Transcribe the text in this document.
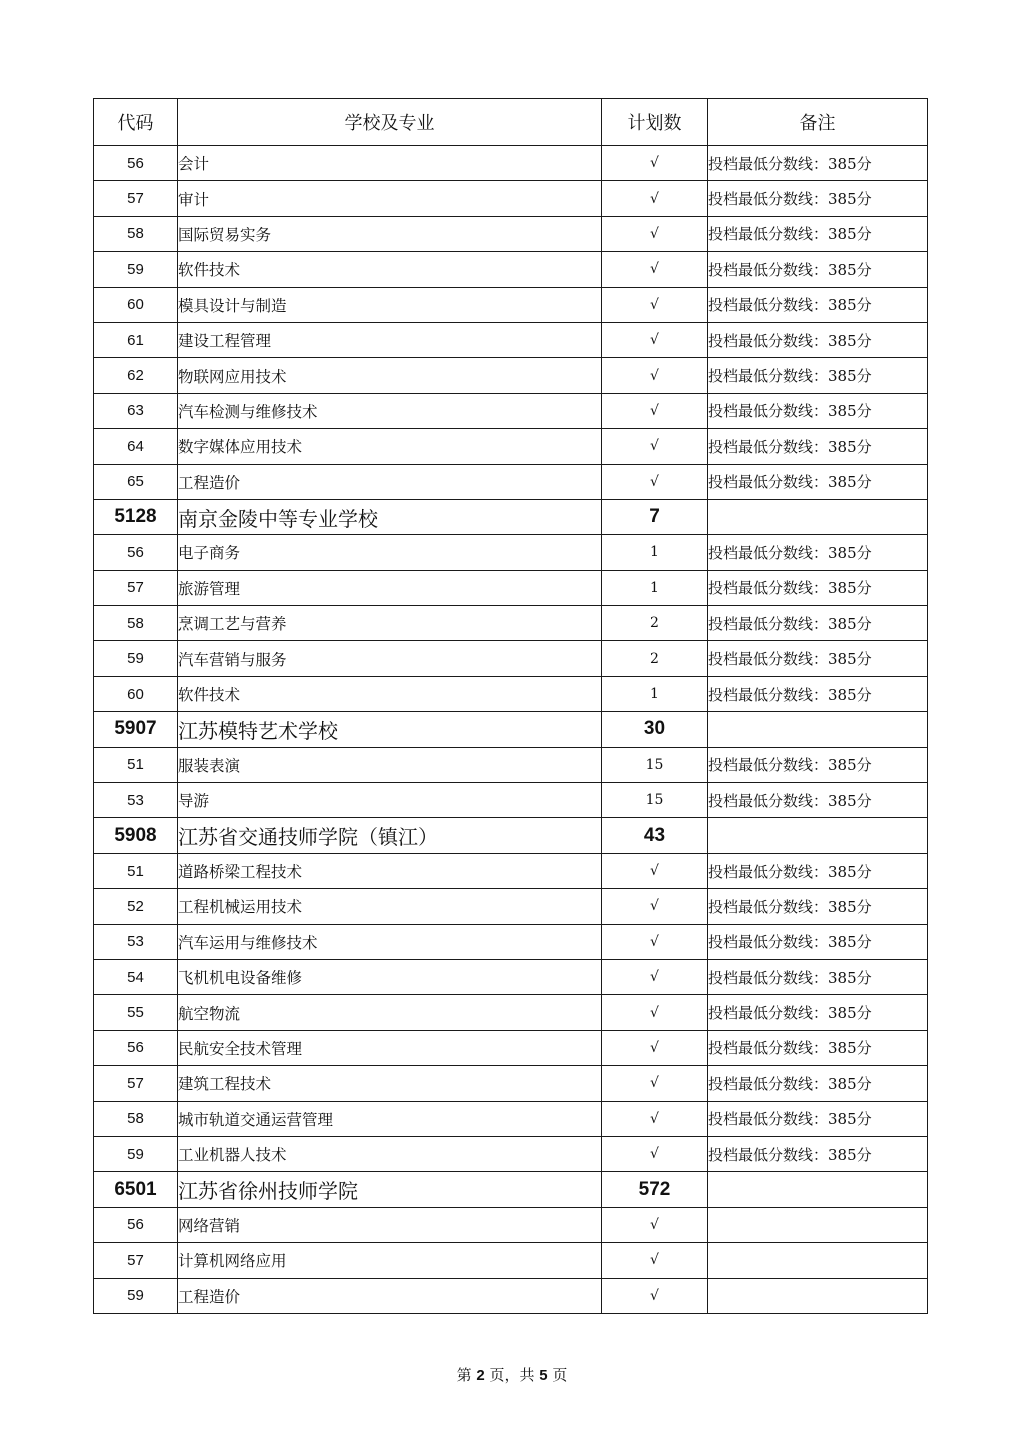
代码	学校及专业	计划数	备注
56	会计	√	投档最低分数线：385分
57	审计	√	投档最低分数线：385分
58	国际贸易实务	√	投档最低分数线：385分
59	软件技术	√	投档最低分数线：385分
60	模具设计与制造	√	投档最低分数线：385分
61	建设工程管理	√	投档最低分数线：385分
62	物联网应用技术	√	投档最低分数线：385分
63	汽车检测与维修技术	√	投档最低分数线：385分
64	数字媒体应用技术	√	投档最低分数线：385分
65	工程造价	√	投档最低分数线：385分
5128	南京金陵中等专业学校	7	
56	电子商务	1	投档最低分数线：385分
57	旅游管理	1	投档最低分数线：385分
58	烹调工艺与营养	2	投档最低分数线：385分
59	汽车营销与服务	2	投档最低分数线：385分
60	软件技术	1	投档最低分数线：385分
5907	江苏模特艺术学校	30	
51	服装表演	15	投档最低分数线：385分
53	导游	15	投档最低分数线：385分
5908	江苏省交通技师学院（镇江）	43	
51	道路桥梁工程技术	√	投档最低分数线：385分
52	工程机械运用技术	√	投档最低分数线：385分
53	汽车运用与维修技术	√	投档最低分数线：385分
54	飞机机电设备维修	√	投档最低分数线：385分
55	航空物流	√	投档最低分数线：385分
56	民航安全技术管理	√	投档最低分数线：385分
57	建筑工程技术	√	投档最低分数线：385分
58	城市轨道交通运营管理	√	投档最低分数线：385分
59	工业机器人技术	√	投档最低分数线：385分
6501	江苏省徐州技师学院	572	
56	网络营销	√	
57	计算机网络应用	√	
59	工程造价	√	
第 2 页，共 5 页
